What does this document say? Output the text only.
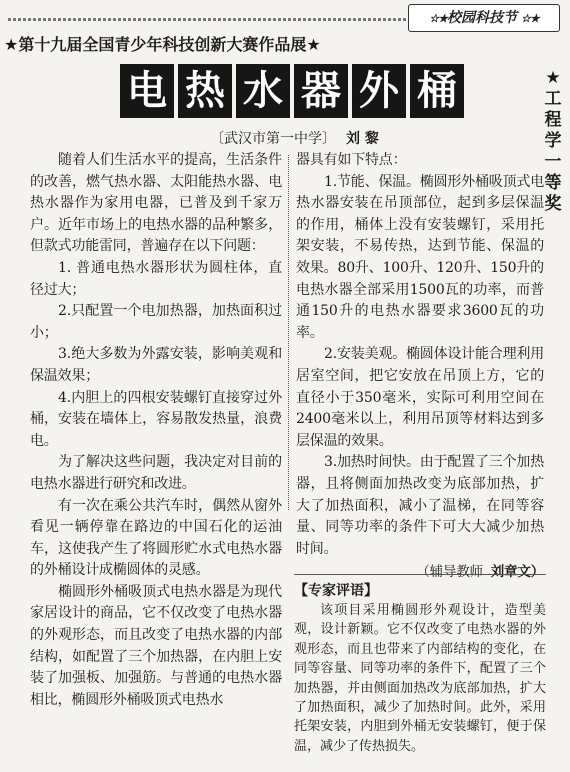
☆★校园科技节 ☆★
★第十九届全国青少年科技创新大赛作品展★
电 热 水 器 外 桶	★工程学一等奖
〔武汉市第一中学〕 刘 黎

随着人们生活水平的提高，生活条件的改善，燃气热水器、太阳能热水器、电热水器作为家用电器，已普及到千家万户。近年市场上的电热水器的品种繁多，但款式功能雷同，普遍存在以下问题：

1. 普通电热水器形状为圆柱体，直径过大；

2.只配置一个电加热器，加热面积过小；

3.绝大多数为外露安装，影响美观和保温效果；

4.内胆上的四根安装螺钉直接穿过外桶，安装在墙体上，容易散发热量，浪费电。

为了解决这些问题，我决定对目前的电热水器进行研究和改进。

有一次在乘公共汽车时，偶然从窗外看见一辆停靠在路边的中国石化的运油车，这使我产生了将圆形贮水式电热水器的外桶设计成椭圆体的灵感。

椭圆形外桶吸顶式电热水器是为现代家居设计的商品，它不仅改变了电热水器的外观形态，而且改变了电热水器的内部结构，如配置了三个加热器，在内胆上安装了加强板、加强筋。与普通的电热水器相比，椭圆形外桶吸顶式电热水

器具有如下特点：

1.节能、保温。椭圆形外桶吸顶式电热水器安装在吊顶部位，起到多层保温的作用，桶体上没有安装螺钉，采用托架安装，不易传热，达到节能、保温的效果。80升、100升、120升、150升的电热水器全部采用1500瓦的功率，而普通150升的电热水器要求3600瓦的功率。

2.安装美观。椭圆体设计能合理利用居室空间，把它安放在吊顶上方，它的直径小于350毫米，实际可利用空间在2400毫米以上，利用吊顶等材料达到多层保温的效果。

3.加热时间快。由于配置了三个加热器，且将侧面加热改变为底部加热，扩大了加热面积，减小了温梯，在同等容量、同等功率的条件下可大大减少加热时间。

（辅导教师 刘章文）
【专家评语】

该项目采用椭圆形外观设计，造型美观，设计新颖。它不仅改变了电热水器的外观形态，而且也带来了内部结构的变化，在同等容量、同等功率的条件下，配置了三个加热器，并由侧面加热改为底部加热，扩大了加热面积，减少了加热时间。此外，采用托架安装，内胆到外桶无安装螺钉，便于保温，减少了传热损失。
